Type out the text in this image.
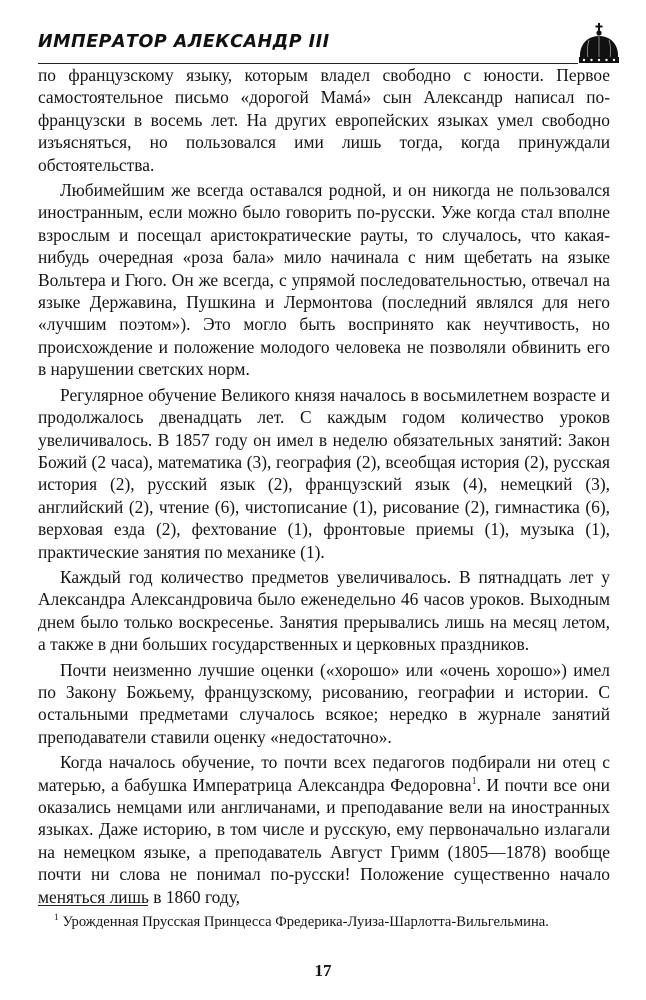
ИМПЕРАТОР АЛЕКСАНДР III

по французскому языку, которым владел свободно с юности. Первое самостоятельное письмо «дорогой Мамá» сын Александр написал по-французски в восемь лет. На других европейских языках умел свободно изъясняться, но пользовался ими лишь тогда, когда принуждали обстоятельства.

Любимейшим же всегда оставался родной, и он никогда не пользовался иностранным, если можно было говорить по-русски. Уже когда стал вполне взрослым и посещал аристократические рауты, то случалось, что какая-нибудь очередная «роза бала» мило начинала с ним щебетать на языке Вольтера и Гюго. Он же всегда, с упрямой последовательностью, отвечал на языке Державина, Пушкина и Лермонтова (последний являлся для него «лучшим поэтом»). Это могло быть воспринято как неучтивость, но происхождение и положение молодого человека не позволяли обвинить его в нарушении светских норм.

Регулярное обучение Великого князя началось в восьмилетнем возрасте и продолжалось двенадцать лет. С каждым годом количество уроков увеличивалось. В 1857 году он имел в неделю обязательных занятий: Закон Божий (2 часа), математика (3), география (2), всеобщая история (2), русская история (2), русский язык (2), французский язык (4), немецкий (3), английский (2), чтение (6), чистописание (1), рисование (2), гимнастика (6), верховая езда (2), фехтование (1), фронтовые приемы (1), музыка (1), практические занятия по механике (1).

Каждый год количество предметов увеличивалось. В пятнадцать лет у Александра Александровича было еженедельно 46 часов уроков. Выходным днем было только воскресенье. Занятия прерывались лишь на месяц летом, а также в дни больших государственных и церковных праздников.

Почти неизменно лучшие оценки («хорошо» или «очень хорошо») имел по Закону Божьему, французскому, рисованию, географии и истории. С остальными предметами случалось всякое; нередко в журнале занятий преподаватели ставили оценку «недостаточно».

Когда началось обучение, то почти всех педагогов подбирали ни отец с матерью, а бабушка Императрица Александра Федоровна$^1$. И почти все они оказались немцами или англичанами, и преподавание вели на иностранных языках. Даже историю, в том числе и русскую, ему первоначально излагали на немецком языке, а преподаватель Август Гримм (1805—1878) вообще почти ни слова не понимал по-русски! Положение существенно начало меняться лишь в 1860 году,

$^1$ Урожденная Прусская Принцесса Фредерика-Луиза-Шарлотта-Вильгельмина.
17
